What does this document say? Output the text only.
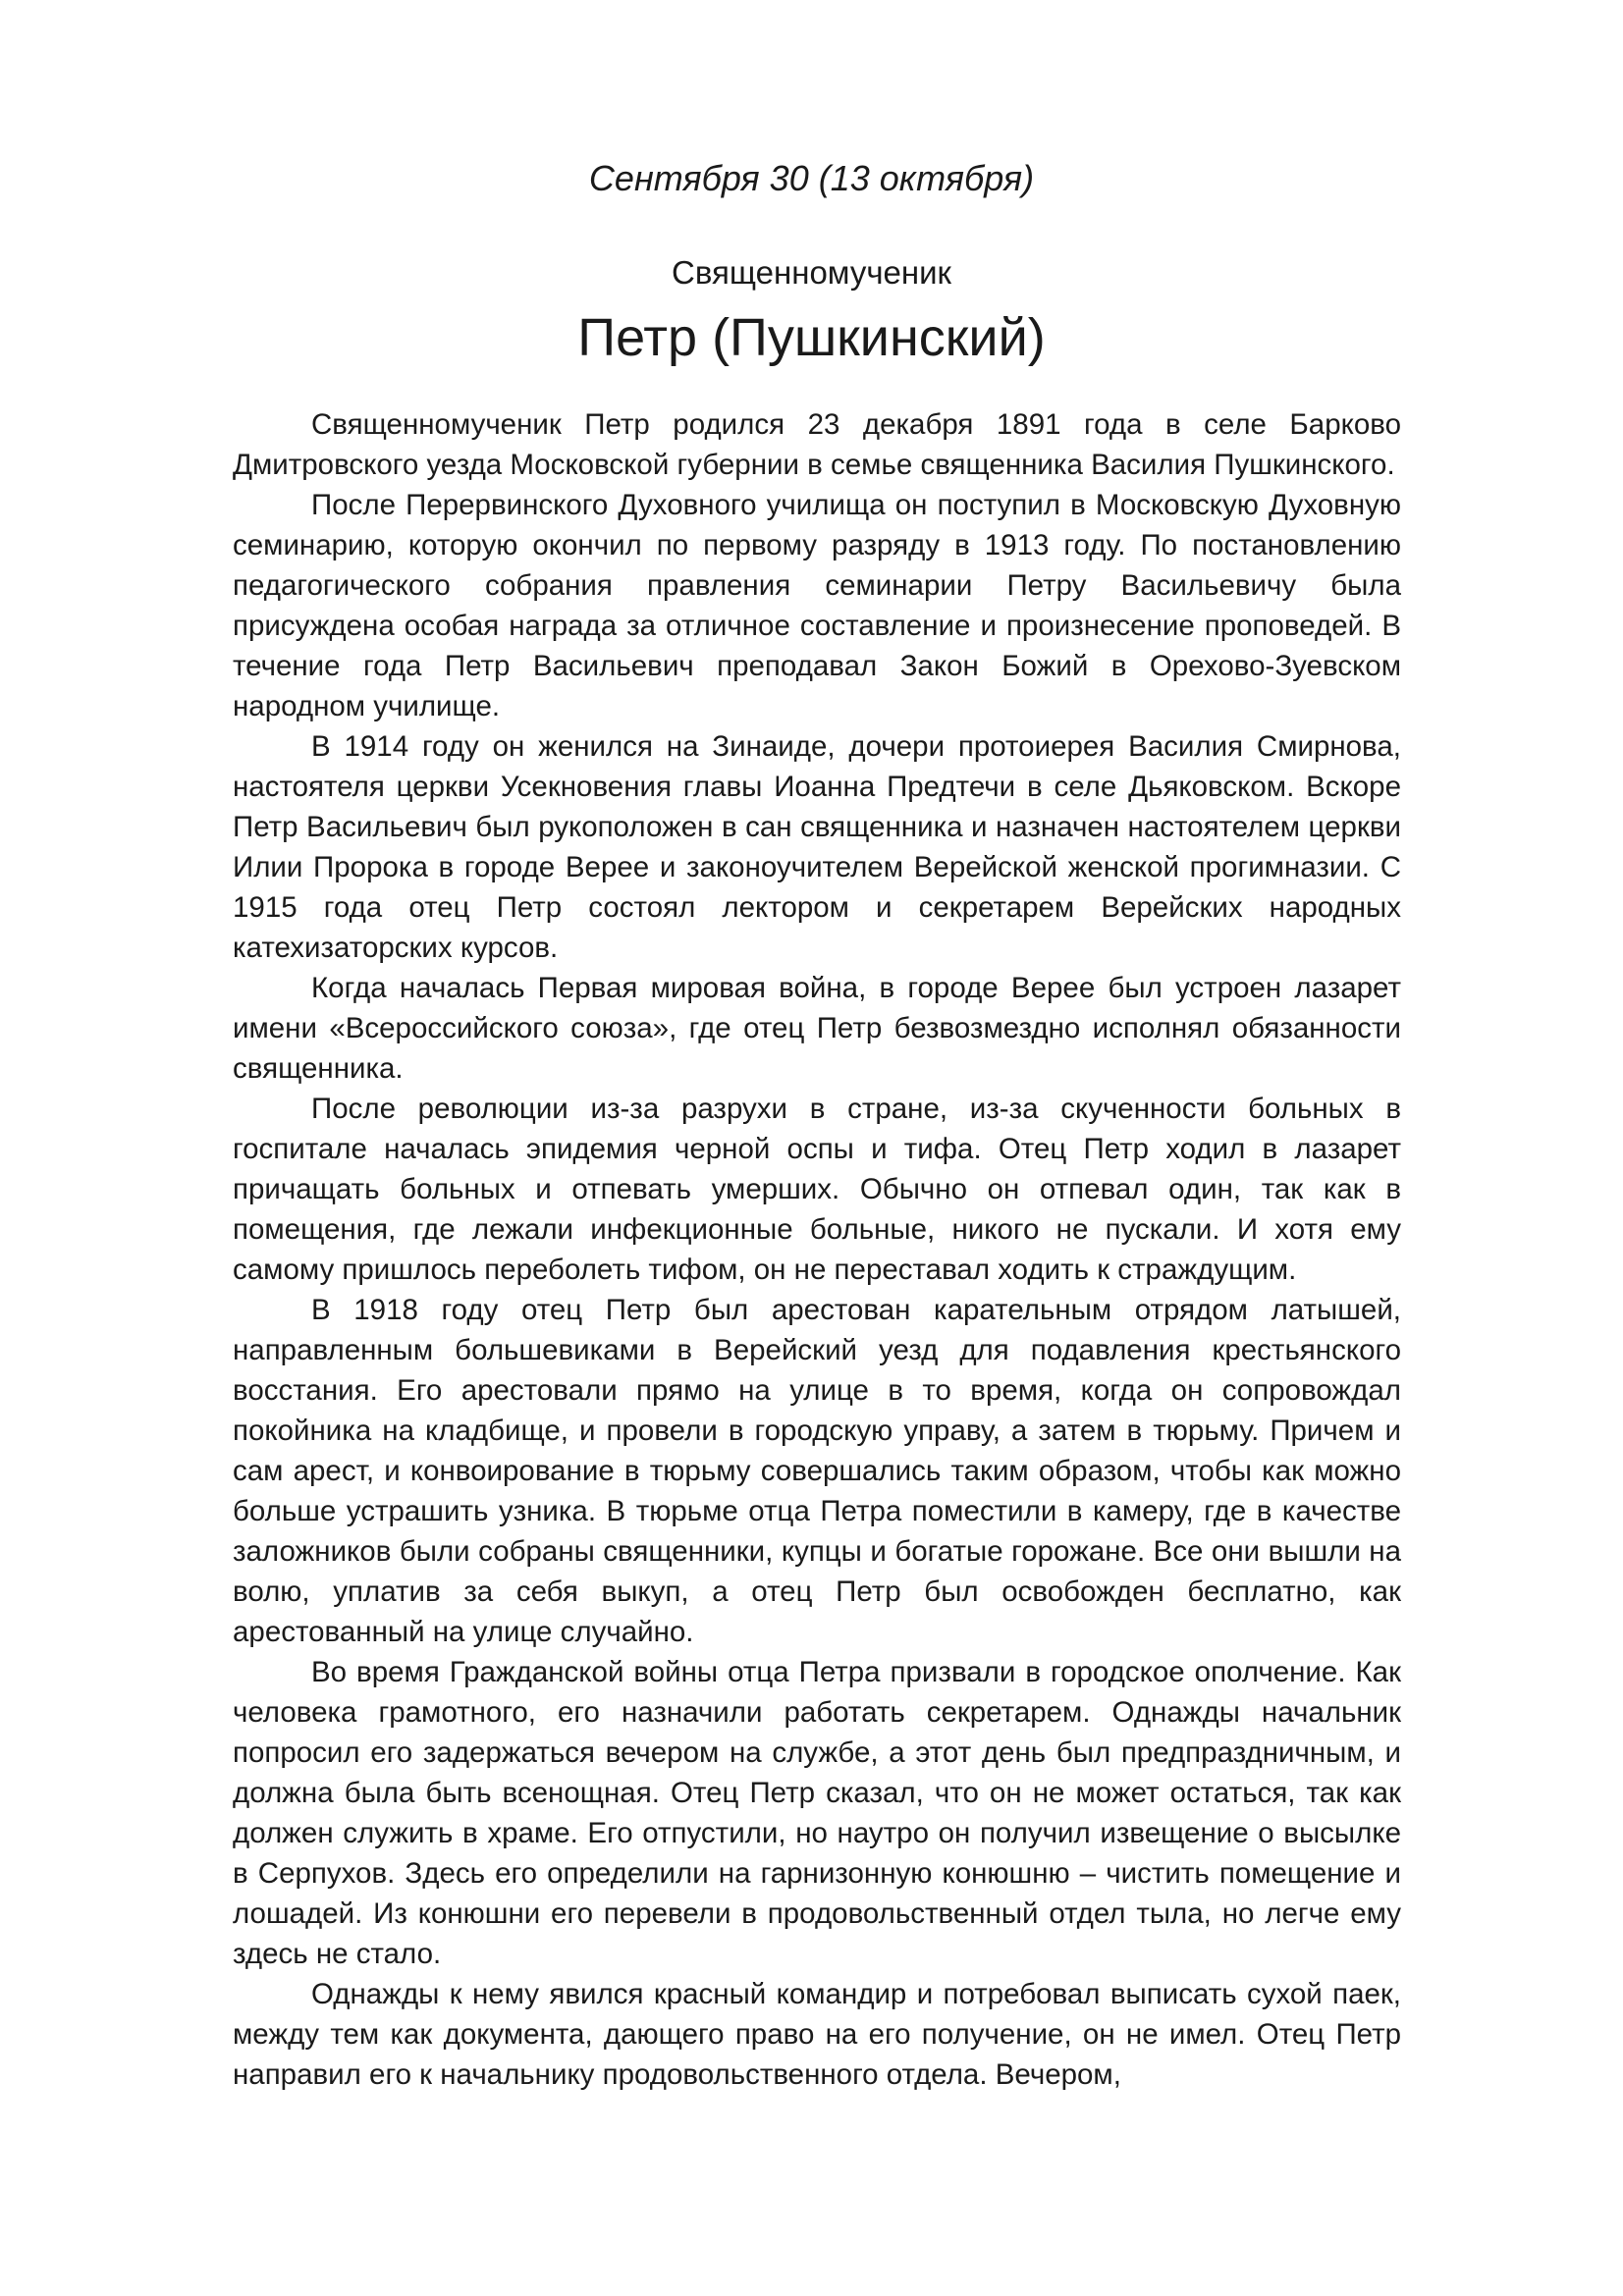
Сентября 30 (13 октября)
Священномученик
Петр (Пушкинский)

Священномученик Петр родился 23 декабря 1891 года в селе Барково Дмитровского уезда Московской губернии в семье священника Василия Пушкинского.

После Перервинского Духовного училища он поступил в Московскую Духовную семинарию, которую окончил по первому разряду в 1913 году. По постановлению педагогического собрания правления семинарии Петру Васильевичу была присуждена особая награда за отличное составление и произнесение проповедей. В течение года Петр Васильевич преподавал Закон Божий в Орехово-Зуевском народном училище.

В 1914 году он женился на Зинаиде, дочери протоиерея Василия Смирнова, настоятеля церкви Усекновения главы Иоанна Предтечи в селе Дьяковском. Вскоре Петр Васильевич был рукоположен в сан священника и назначен настоятелем церкви Илии Пророка в городе Верее и законоучителем Верейской женской прогимназии. С 1915 года отец Петр состоял лектором и секретарем Верейских народных катехизаторских курсов.

Когда началась Первая мировая война, в городе Верее был устроен лазарет имени «Всероссийского союза», где отец Петр безвозмездно исполнял обязанности священника.

После революции из-за разрухи в стране, из-за скученности больных в госпитале началась эпидемия черной оспы и тифа. Отец Петр ходил в лазарет причащать больных и отпевать умерших. Обычно он отпевал один, так как в помещения, где лежали инфекционные больные, никого не пускали. И хотя ему самому пришлось переболеть тифом, он не переставал ходить к страждущим.

В 1918 году отец Петр был арестован карательным отрядом латышей, направленным большевиками в Верейский уезд для подавления крестьянского восстания. Его арестовали прямо на улице в то время, когда он сопровождал покойника на кладбище, и провели в городскую управу, а затем в тюрьму. Причем и сам арест, и конвоирование в тюрьму совершались таким образом, чтобы как можно больше устрашить узника. В тюрьме отца Петра поместили в камеру, где в качестве заложников были собраны священники, купцы и богатые горожане. Все они вышли на волю, уплатив за себя выкуп, а отец Петр был освобожден бесплатно, как арестованный на улице случайно.

Во время Гражданской войны отца Петра призвали в городское ополчение. Как человека грамотного, его назначили работать секретарем. Однажды начальник попросил его задержаться вечером на службе, а этот день был предпраздничным, и должна была быть всенощная. Отец Петр сказал, что он не может остаться, так как должен служить в храме. Его отпустили, но наутро он получил извещение о высылке в Серпухов. Здесь его определили на гарнизонную конюшню – чистить помещение и лошадей. Из конюшни его перевели в продовольственный отдел тыла, но легче ему здесь не стало.

Однажды к нему явился красный командир и потребовал выписать сухой паек, между тем как документа, дающего право на его получение, он не имел. Отец Петр направил его к начальнику продовольственного отдела. Вечером,
